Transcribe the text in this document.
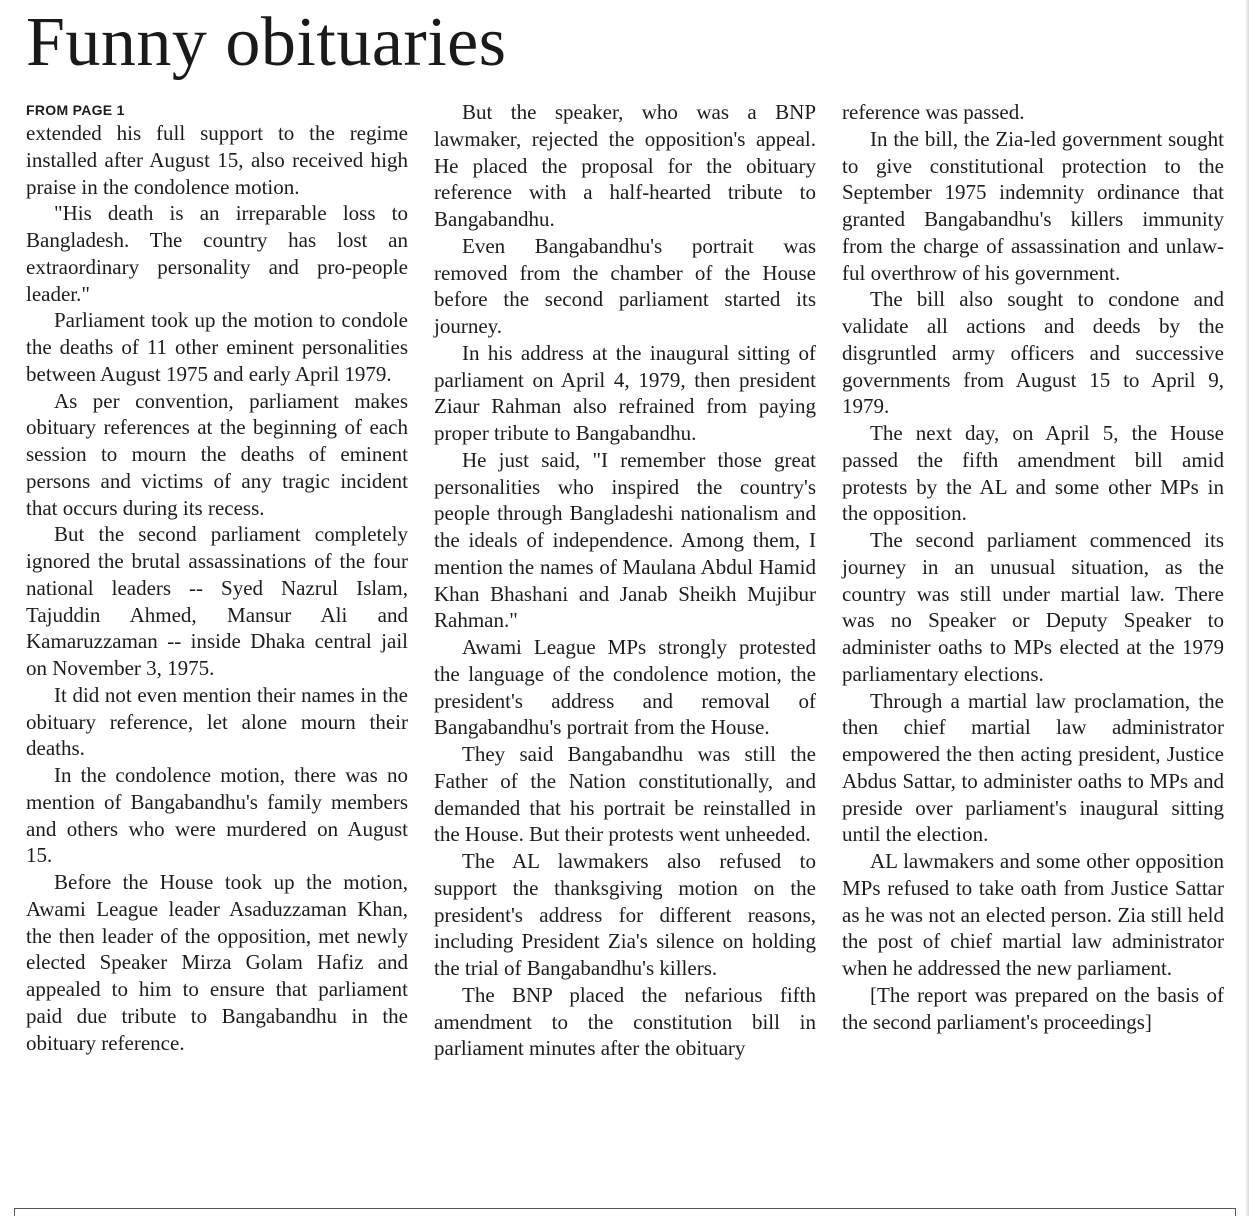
Funny obituaries
FROM PAGE 1

extended his full support to the regime installed after August 15, also received high praise in the condolence motion.

"His death is an irreparable loss to Bangladesh. The country has lost an extraordinary personality and pro-people leader."

Parliament took up the motion to condole the deaths of 11 other eminent personalities between August 1975 and early April 1979.

As per convention, parliament makes obituary references at the beginning of each session to mourn the deaths of eminent persons and victims of any tragic incident that occurs during its recess.

But the second parliament completely ignored the brutal assassinations of the four national leaders -- Syed Nazrul Islam, Tajuddin Ahmed, Mansur Ali and Kamaruzzaman -- inside Dhaka central jail on November 3, 1975.

It did not even mention their names in the obituary reference, let alone mourn their deaths.

In the condolence motion, there was no mention of Bangabandhu's family members and others who were murdered on August 15.

Before the House took up the motion, Awami League leader Asaduzzaman Khan, the then leader of the opposition, met newly elected Speaker Mirza Golam Hafiz and appealed to him to ensure that parliament paid due tribute to Bangabandhu in the obituary reference.

But the speaker, who was a BNP lawmaker, rejected the opposition's appeal. He placed the proposal for the obituary reference with a half-hearted tribute to Bangabandhu.

Even Bangabandhu's portrait was removed from the chamber of the House before the second parliament started its journey.

In his address at the inaugural sitting of parliament on April 4, 1979, then president Ziaur Rahman also refrained from paying proper tribute to Bangabandhu.

He just said, "I remember those great personalities who inspired the country's people through Bangladeshi nationalism and the ideals of independence. Among them, I mention the names of Maulana Abdul Hamid Khan Bhashani and Janab Sheikh Mujibur Rahman."

Awami League MPs strongly protested the language of the condolence motion, the president's address and removal of Bangabandhu's portrait from the House.

They said Bangabandhu was still the Father of the Nation constitutionally, and demanded that his portrait be reinstalled in the House. But their protests went unheeded.

The AL lawmakers also refused to support the thanksgiving motion on the president's address for different reasons, including President Zia's silence on holding the trial of Bangabandhu's killers.

The BNP placed the nefarious fifth amendment to the constitution bill in parliament minutes after the obituary

reference was passed.

In the bill, the Zia-led government sought to give constitutional protection to the September 1975 indemnity ordinance that granted Bangabandhu's killers immunity from the charge of assassination and unlawful overthrow of his government.

The bill also sought to condone and validate all actions and deeds by the disgruntled army officers and successive governments from August 15 to April 9, 1979.

The next day, on April 5, the House passed the fifth amendment bill amid protests by the AL and some other MPs in the opposition.

The second parliament commenced its journey in an unusual situation, as the country was still under martial law. There was no Speaker or Deputy Speaker to administer oaths to MPs elected at the 1979 parliamentary elections.

Through a martial law proclamation, the then chief martial law administrator empowered the then acting president, Justice Abdus Sattar, to administer oaths to MPs and preside over parliament's inaugural sitting until the election.

AL lawmakers and some other opposition MPs refused to take oath from Justice Sattar as he was not an elected person. Zia still held the post of chief martial law administrator when he addressed the new parliament.

[The report was prepared on the basis of the second parliament's proceedings]
